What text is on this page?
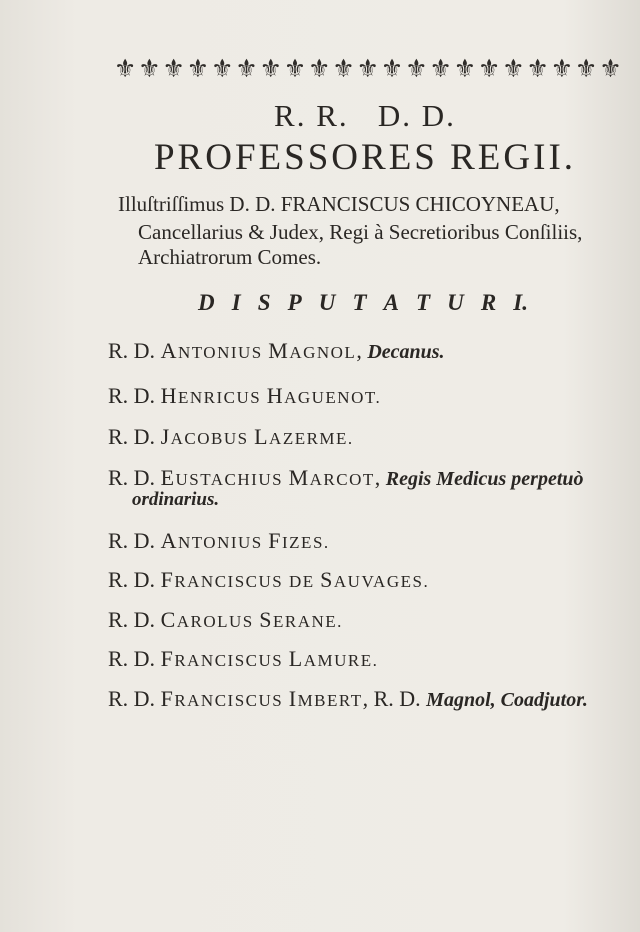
⚜ ⚜ ⚜ ⚜ ⚜ ⚜ ⚜ ⚜ ⚜ ⚜ ⚜ ⚜ ⚜ ⚜ ⚜ ⚜ ⚜ ⚜ ⚜ ⚜ ⚜
R. R.   D. D.
PROFESSORES REGII.
Illuſtriſſimus D. D. FRANCISCUS CHICOYNEAU,
Cancellarius & Judex, Regi à Secretioribus Conſiliis,
Archiatrorum Comes.
D I S P U T A T U R I.
R. D. ANTONIUS MAGNOL, Decanus.
R. D. HENRICUS HAGUENOT.
R. D. JACOBUS LAZERME.
R. D. EUSTACHIUS MARCOT, Regis Medicus perpetuò
ordinarius.
R. D. ANTONIUS FIZES.
R. D. FRANCISCUS DE SAUVAGES.
R. D. CAROLUS SERANE.
R. D. FRANCISCUS LAMURE.
R. D. FRANCISCUS IMBERT, R. D. Magnol, Coadjutor.
